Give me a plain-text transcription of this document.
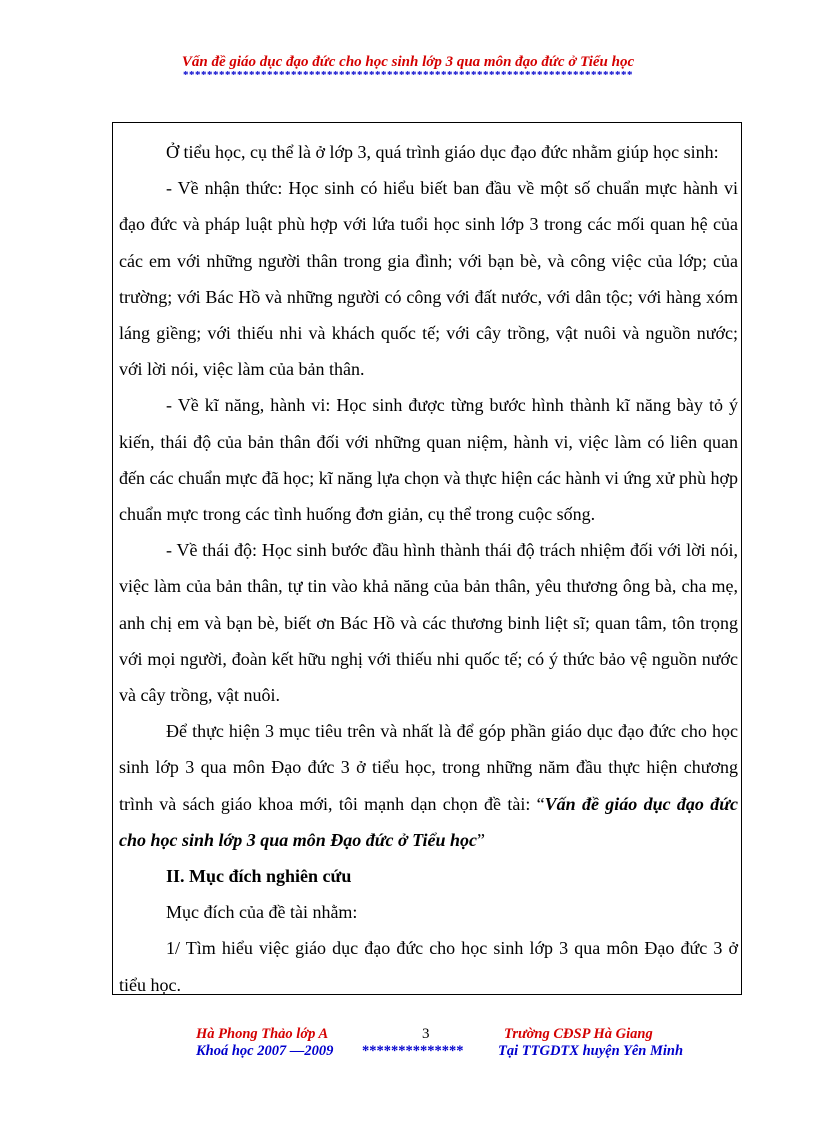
Vấn đề giáo dục đạo đức cho học sinh lớp 3 qua môn đạo đức ở Tiểu học
***************************************************************************

Ở tiểu học, cụ thể là ở lớp 3, quá trình giáo dục đạo đức nhằm giúp học sinh:

- Về nhận thức: Học sinh có hiểu biết ban đầu về một số chuẩn mực hành vi đạo đức và pháp luật phù hợp với lứa tuổi học sinh lớp 3 trong các mối quan hệ của các em với những người thân trong gia đình; với bạn bè, và công việc của lớp; của trường; với Bác Hồ và những người có công với đất nước, với dân tộc; với hàng xóm láng giềng; với thiếu nhi và khách quốc tế; với cây trồng, vật nuôi và nguồn nước; với lời nói, việc làm của bản thân.

- Về kĩ năng, hành vi: Học sinh được từng bước hình thành kĩ năng bày tỏ ý kiến, thái độ của bản thân đối với những quan niệm, hành vi, việc làm có liên quan đến các chuẩn mực đã học; kĩ năng lựa chọn và thực hiện các hành vi ứng xử phù hợp chuẩn mực trong các tình huống đơn giản, cụ thể trong cuộc sống.

- Về thái độ: Học sinh bước đầu hình thành thái độ trách nhiệm đối với lời nói, việc làm của bản thân, tự tin vào khả năng của bản thân, yêu thương ông bà, cha mẹ, anh chị em và bạn bè, biết ơn Bác Hồ và các thương binh liệt sĩ; quan tâm, tôn trọng với mọi người, đoàn kết hữu nghị với thiếu nhi quốc tế; có ý thức bảo vệ nguồn nước và cây trồng, vật nuôi.

Để thực hiện 3 mục tiêu trên và nhất là để góp phần giáo dục đạo đức cho học sinh lớp 3 qua môn Đạo đức 3 ở tiểu học, trong những năm đầu thực hiện chương trình và sách giáo khoa mới, tôi mạnh dạn chọn đề tài: “Vấn đề giáo dục đạo đức cho học sinh lớp 3 qua môn Đạo đức ở Tiểu học”

II. Mục đích nghiên cứu

Mục đích của đề tài nhằm:

1/ Tìm hiểu việc giáo dục đạo đức cho học sinh lớp 3 qua môn Đạo đức 3 ở tiểu học.

Hà Phong Thảo lớp A	3	Trường CĐSP Hà Giang
Khoá học 2007 —2009 ************** Tại TTGDTX huyện Yên Minh
